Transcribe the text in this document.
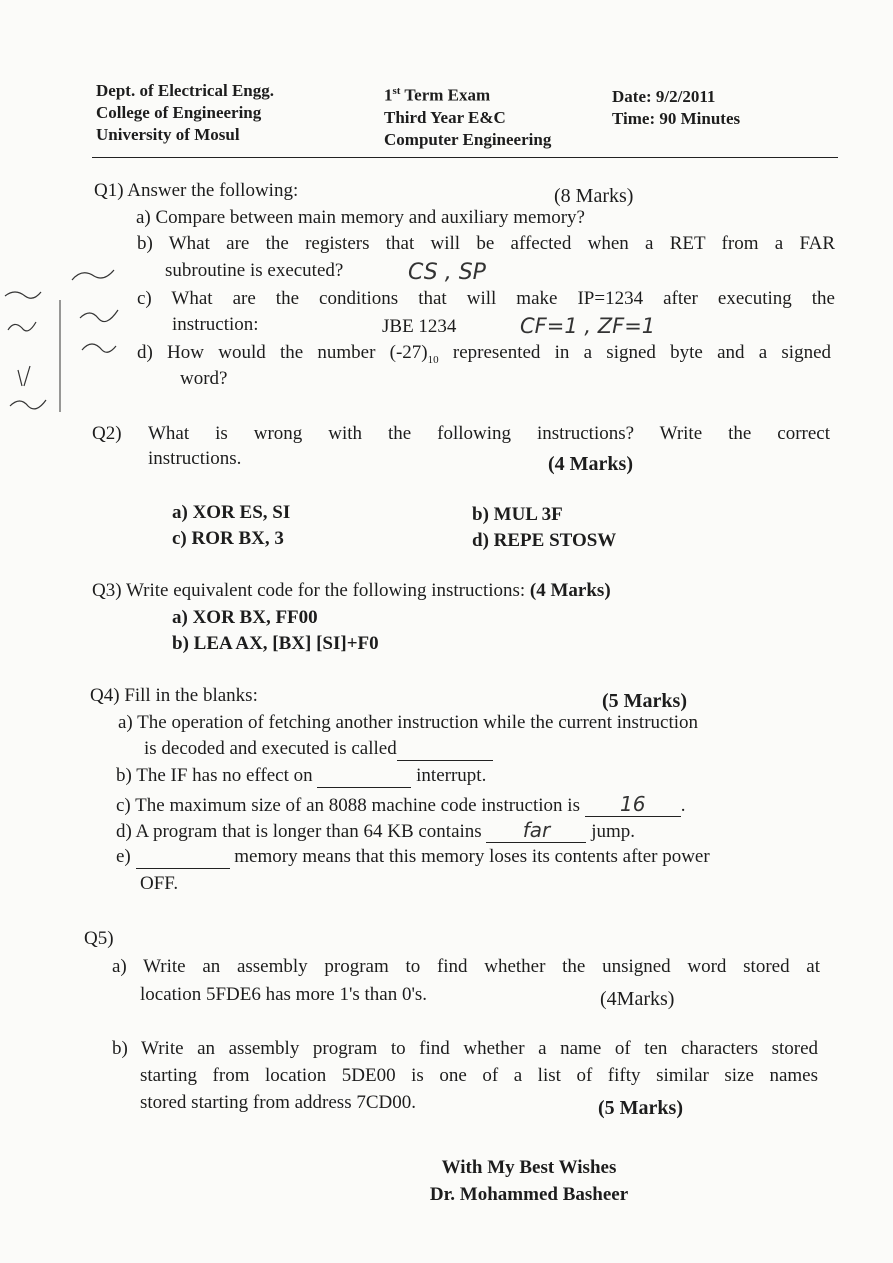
Dept. of Electrical Engg.
College of Engineering
University of Mosul
1st Term Exam
Third Year E&C
Computer Engineering
Date: 9/2/2011
Time: 90 Minutes
Q1) Answer the following:	(8 Marks)
a) Compare between main memory and auxiliary memory?
b) What are the registers that will be affected when a RET from a FAR
subroutine is executed?	CS , SP
c) What are the conditions that will make IP=1234 after executing the
instruction:	JBE 1234	CF=1 , ZF=1
d) How would the number $(-27)_{10}$ represented in a signed byte and a signed
word?
Q2) What is wrong with the following instructions? Write the correct
instructions.	(4 Marks)
a) XOR ES, SI	b) MUL 3F
c) ROR BX, 3	d) REPE STOSW
Q3) Write equivalent code for the following instructions: (4 Marks)
a) XOR BX, FF00
b) LEA AX, [BX] [SI]+F0
Q4) Fill in the blanks:	(5 Marks)
a) The operation of fetching another instruction while the current instruction
is decoded and executed is called
b) The IF has no effect on	interrupt.
c) The maximum size of an 8088 machine code instruction is 16 .
d) A program that is longer than 64 KB contains far jump.
e)	memory means that this memory loses its contents after power
OFF.
Q5)
a) Write an assembly program to find whether the unsigned word stored at
location 5FDE6 has more 1's than 0's.	(4Marks)
b) Write an assembly program to find whether a name of ten characters stored
starting from location 5DE00 is one of a list of fifty similar size names
stored starting from address 7CD00.	(5 Marks)
With My Best Wishes
Dr. Mohammed Basheer
